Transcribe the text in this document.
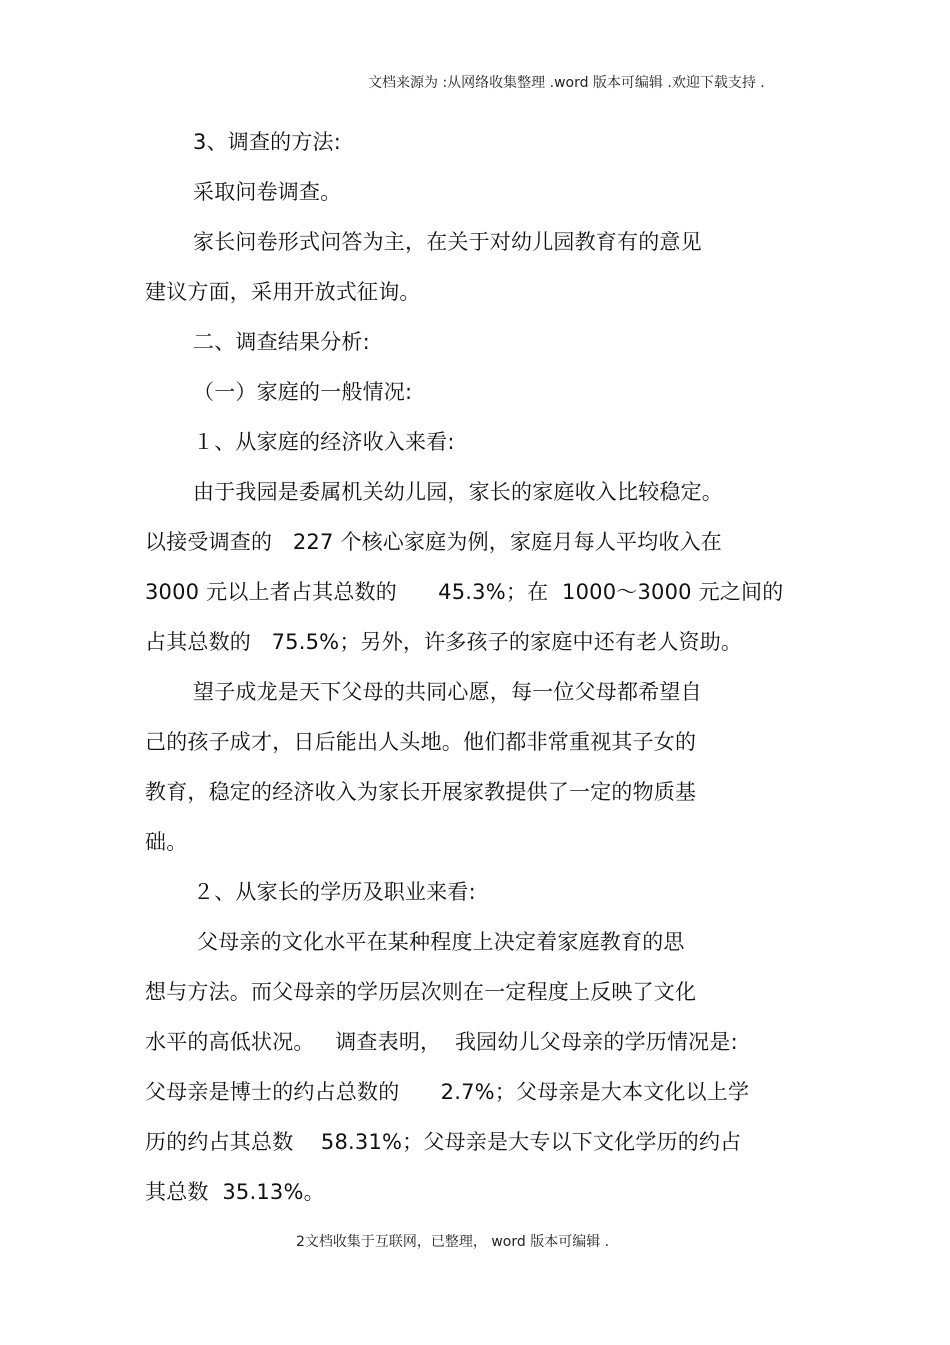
文档来源为 :从网络收集整理 .word 版本可编辑 .欢迎下载支持 .
3、调查的方法:
采取问卷调查。
家长问卷形式问答为主，在关于对幼儿园教育有的意见
建议方面，采用开放式征询。
二、调查结果分析:
（一）家庭的一般情况:
１、从家庭的经济收入来看:
由于我园是委属机关幼儿园，家长的家庭收入比较稳定。
以接受调查的   227 个核心家庭为例，家庭月每人平均收入在
3000 元以上者占其总数的      45.3%；在  1000～3000 元之间的
占其总数的   75.5%；另外，许多孩子的家庭中还有老人资助。
望子成龙是天下父母的共同心愿，每一位父母都希望自
己的孩子成才，日后能出人头地。他们都非常重视其子女的
教育，稳定的经济收入为家长开展家教提供了一定的物质基
础。
２、从家长的学历及职业来看:
父母亲的文化水平在某种程度上决定着家庭教育的思
想与方法。而父母亲的学历层次则在一定程度上反映了文化
水平的高低状况。   调查表明，  我园幼儿父母亲的学历情况是:
父母亲是博士的约占总数的      2.7%；父母亲是大本文化以上学
历的约占其总数    58.31%；父母亲是大专以下文化学历的约占
其总数  35.13%。
2文档收集于互联网，已整理， word 版本可编辑 .
